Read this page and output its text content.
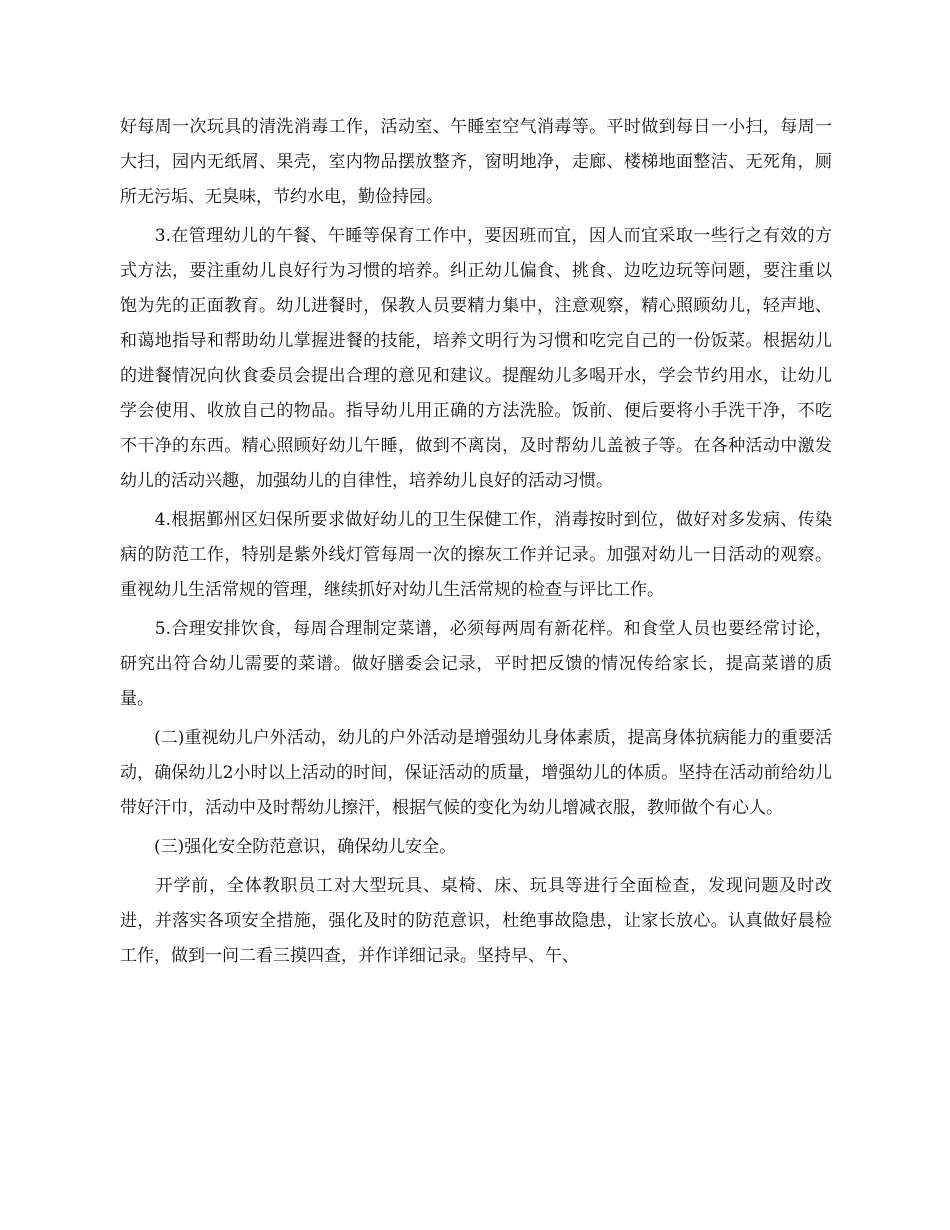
好每周一次玩具的清洗消毒工作，活动室、午睡室空气消毒等。平时做到每日一小扫，每周一大扫，园内无纸屑、果壳，室内物品摆放整齐，窗明地净，走廊、楼梯地面整洁、无死角，厕所无污垢、无臭味，节约水电，勤俭持园。

　　3.在管理幼儿的午餐、午睡等保育工作中，要因班而宜，因人而宜采取一些行之有效的方式方法，要注重幼儿良好行为习惯的培养。纠正幼儿偏食、挑食、边吃边玩等问题，要注重以饱为先的正面教育。幼儿进餐时，保教人员要精力集中，注意观察，精心照顾幼儿，轻声地、和蔼地指导和帮助幼儿掌握进餐的技能，培养文明行为习惯和吃完自己的一份饭菜。根据幼儿的进餐情况向伙食委员会提出合理的意见和建议。提醒幼儿多喝开水，学会节约用水，让幼儿学会使用、收放自己的物品。指导幼儿用正确的方法洗脸。饭前、便后要将小手洗干净，不吃不干净的东西。精心照顾好幼儿午睡，做到不离岗，及时帮幼儿盖被子等。在各种活动中激发幼儿的活动兴趣，加强幼儿的自律性，培养幼儿良好的活动习惯。

　　4.根据鄞州区妇保所要求做好幼儿的卫生保健工作，消毒按时到位，做好对多发病、传染病的防范工作，特别是紫外线灯管每周一次的擦灰工作并记录。加强对幼儿一日活动的观察。重视幼儿生活常规的管理，继续抓好对幼儿生活常规的检查与评比工作。

　　5.合理安排饮食，每周合理制定菜谱，必须每两周有新花样。和食堂人员也要经常讨论，研究出符合幼儿需要的菜谱。做好膳委会记录，平时把反馈的情况传给家长，提高菜谱的质量。

　　(二)重视幼儿户外活动，幼儿的户外活动是增强幼儿身体素质，提高身体抗病能力的重要活动，确保幼儿2小时以上活动的时间，保证活动的质量，增强幼儿的体质。坚持在活动前给幼儿带好汗巾，活动中及时帮幼儿擦汗，根据气候的变化为幼儿增减衣服，教师做个有心人。

　　(三)强化安全防范意识，确保幼儿安全。

　　开学前，全体教职员工对大型玩具、桌椅、床、玩具等进行全面检查，发现问题及时改进，并落实各项安全措施，强化及时的防范意识，杜绝事故隐患，让家长放心。认真做好晨检工作，做到一问二看三摸四查，并作详细记录。坚持早、午、
